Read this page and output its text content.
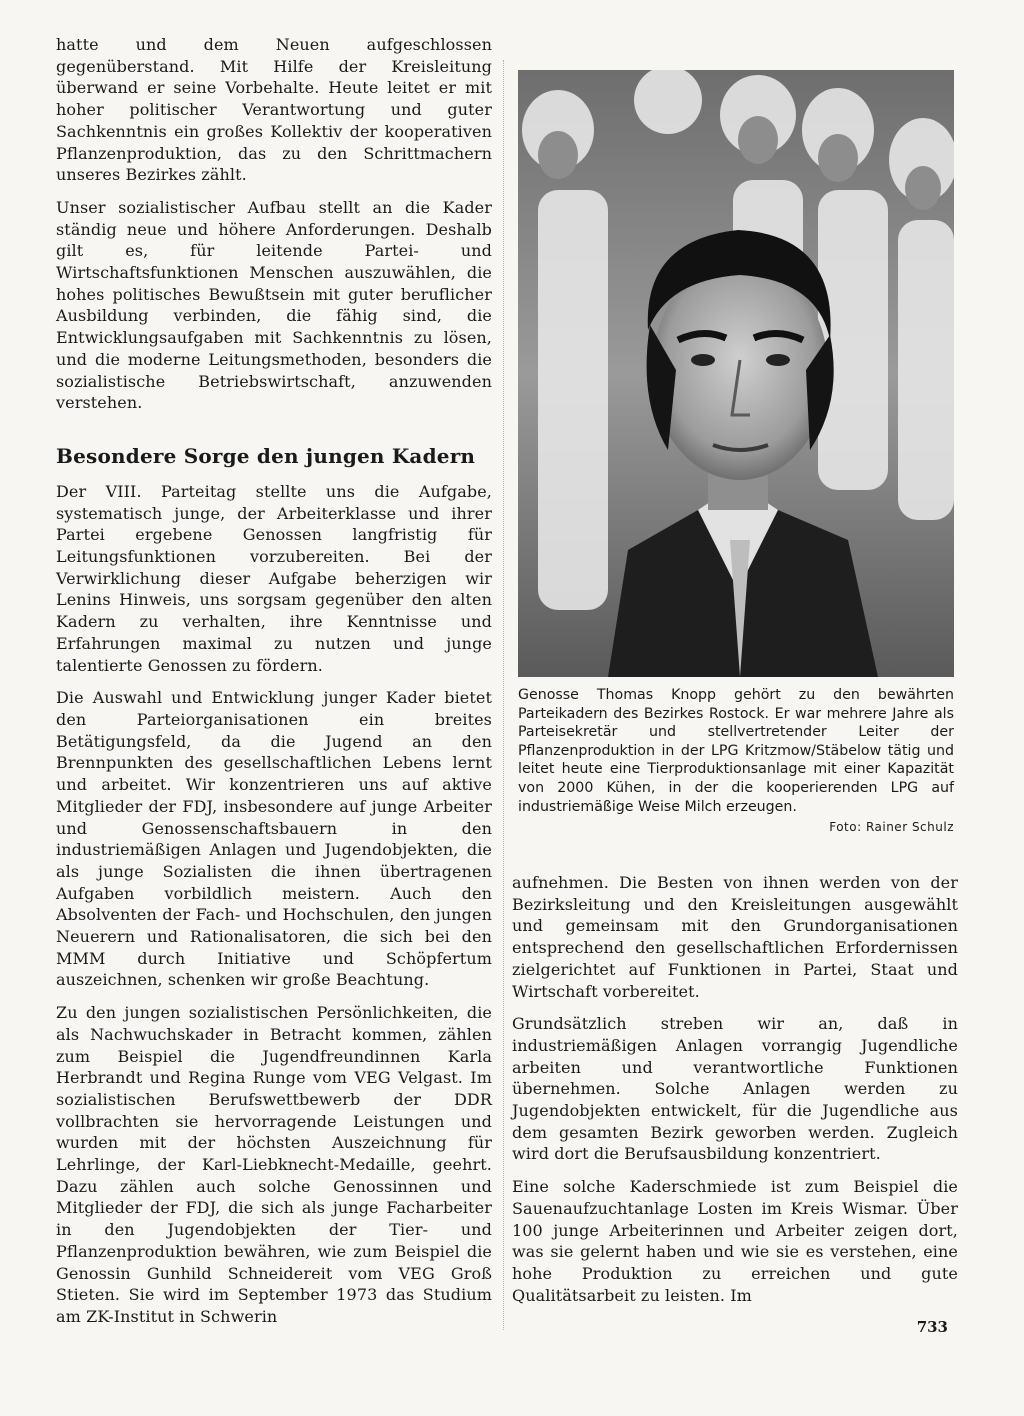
hatte und dem Neuen aufgeschlossen gegenüberstand. Mit Hilfe der Kreisleitung überwand er seine Vorbehalte. Heute leitet er mit hoher politischer Verantwortung und guter Sachkenntnis ein großes Kollektiv der kooperativen Pflanzenproduktion, das zu den Schrittmachern unseres Bezirkes zählt.

Unser sozialistischer Aufbau stellt an die Kader ständig neue und höhere Anforderungen. Deshalb gilt es, für leitende Partei- und Wirtschaftsfunktionen Menschen auszuwählen, die hohes politisches Bewußtsein mit guter beruflicher Ausbildung verbinden, die fähig sind, die Entwicklungsaufgaben mit Sachkenntnis zu lösen, und die moderne Leitungsmethoden, besonders die sozialistische Betriebswirtschaft, anzuwenden verstehen.

Besondere Sorge den jungen Kadern

Der VIII. Parteitag stellte uns die Aufgabe, systematisch junge, der Arbeiterklasse und ihrer Partei ergebene Genossen langfristig für Leitungsfunktionen vorzubereiten. Bei der Verwirklichung dieser Aufgabe beherzigen wir Lenins Hinweis, uns sorgsam gegenüber den alten Kadern zu verhalten, ihre Kenntnisse und Erfahrungen maximal zu nutzen und junge talentierte Genossen zu fördern.

Die Auswahl und Entwicklung junger Kader bietet den Parteiorganisationen ein breites Betätigungsfeld, da die Jugend an den Brennpunkten des gesellschaftlichen Lebens lernt und arbeitet. Wir konzentrieren uns auf aktive Mitglieder der FDJ, insbesondere auf junge Arbeiter und Genossenschaftsbauern in den industriemäßigen Anlagen und Jugendobjekten, die als junge Sozialisten die ihnen übertragenen Aufgaben vorbildlich meistern. Auch den Absolventen der Fach- und Hochschulen, den jungen Neuerern und Rationalisatoren, die sich bei den MMM durch Initiative und Schöpfertum auszeichnen, schenken wir große Beachtung.

Zu den jungen sozialistischen Persönlichkeiten, die als Nachwuchskader in Betracht kommen, zählen zum Beispiel die Jugendfreundinnen Karla Herbrandt und Regina Runge vom VEG Velgast. Im sozialistischen Berufswettbewerb der DDR vollbrachten sie hervorragende Leistungen und wurden mit der höchsten Auszeichnung für Lehrlinge, der Karl-Liebknecht-Medaille, geehrt. Dazu zählen auch solche Genossinnen und Mitglieder der FDJ, die sich als junge Facharbeiter in den Jugendobjekten der Tier- und Pflanzenproduktion bewähren, wie zum Beispiel die Genossin Gunhild Schneiderеit vom VEG Groß Stieten. Sie wird im September 1973 das Studium am ZK-Institut in Schwerin

Genosse Thomas Knopp gehört zu den bewährten Parteikadern des Bezirkes Rostock. Er war mehrere Jahre als Parteisekretär und stellvertretender Leiter der Pflanzenproduktion in der LPG Kritzmow/Stäbelow tätig und leitet heute eine Tierproduktionsanlage mit einer Kapazität von 2000 Kühen, in der die kooperierenden LPG auf industriemäßige Weise Milch erzeugen.
Foto: Rainer Schulz

aufnehmen. Die Besten von ihnen werden von der Bezirksleitung und den Kreisleitungen ausgewählt und gemeinsam mit den Grundorganisationen entsprechend den gesellschaftlichen Erfordernissen zielgerichtet auf Funktionen in Partei, Staat und Wirtschaft vorbereitet.

Grundsätzlich streben wir an, daß in industriemäßigen Anlagen vorrangig Jugendliche arbeiten und verantwortliche Funktionen übernehmen. Solche Anlagen werden zu Jugendobjekten entwickelt, für die Jugendliche aus dem gesamten Bezirk geworben werden. Zugleich wird dort die Berufsausbildung konzentriert.

Eine solche Kaderschmiede ist zum Beispiel die Sauenaufzuchtanlage Losten im Kreis Wismar. Über 100 junge Arbeiterinnen und Arbeiter zeigen dort, was sie gelernt haben und wie sie es verstehen, eine hohe Produktion zu erreichen und gute Qualitätsarbeit zu leisten. Im

733
